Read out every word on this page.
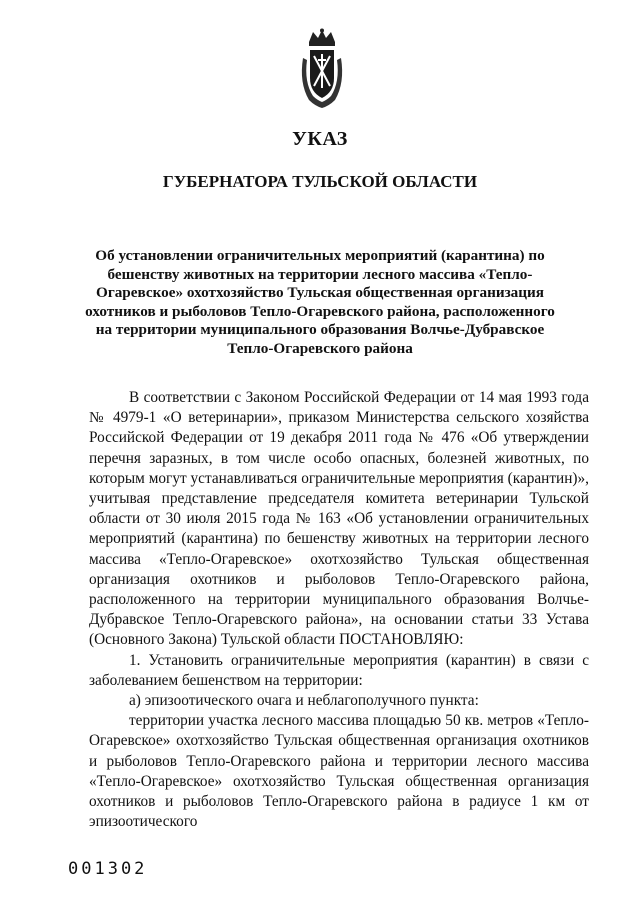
УКАЗ
ГУБЕРНАТОРА ТУЛЬСКОЙ ОБЛАСТИ

Об установлении ограничительных мероприятий (карантина) по бешенству животных на территории лесного массива «Тепло-Огаревское» охотхозяйство Тульская общественная организация охотников и рыболовов Тепло-Огаревского района, расположенного на территории муниципального образования Волчье-Дубравское Тепло-Огаревского района

В соответствии с Законом Российской Федерации от 14 мая 1993 года № 4979-1 «О ветеринарии», приказом Министерства сельского хозяйства Российской Федерации от 19 декабря 2011 года № 476 «Об утверждении перечня заразных, в том числе особо опасных, болезней животных, по которым могут устанавливаться ограничительные мероприятия (карантин)», учитывая представление председателя комитета ветеринарии Тульской области от 30 июля 2015 года № 163 «Об установлении ограничительных мероприятий (карантина) по бешенству животных на территории лесного массива «Тепло-Огаревское» охотхозяйство Тульская общественная организация охотников и рыболовов Тепло-Огаревского района, расположенного на территории муниципального образования Волчье-Дубравское Тепло-Огаревского района», на основании статьи 33 Устава (Основного Закона) Тульской области ПОСТАНОВЛЯЮ:

1. Установить ограничительные мероприятия (карантин) в связи с заболеванием бешенством на территории:

а) эпизоотического очага и неблагополучного пункта:

территории участка лесного массива площадью 50 кв. метров «Тепло-Огаревское» охотхозяйство Тульская общественная организация охотников и рыболовов Тепло-Огаревского района и территории лесного массива «Тепло-Огаревское» охотхозяйство Тульская общественная организация охотников и рыболовов Тепло-Огаревского района в радиусе 1 км от эпизоотического

001302
